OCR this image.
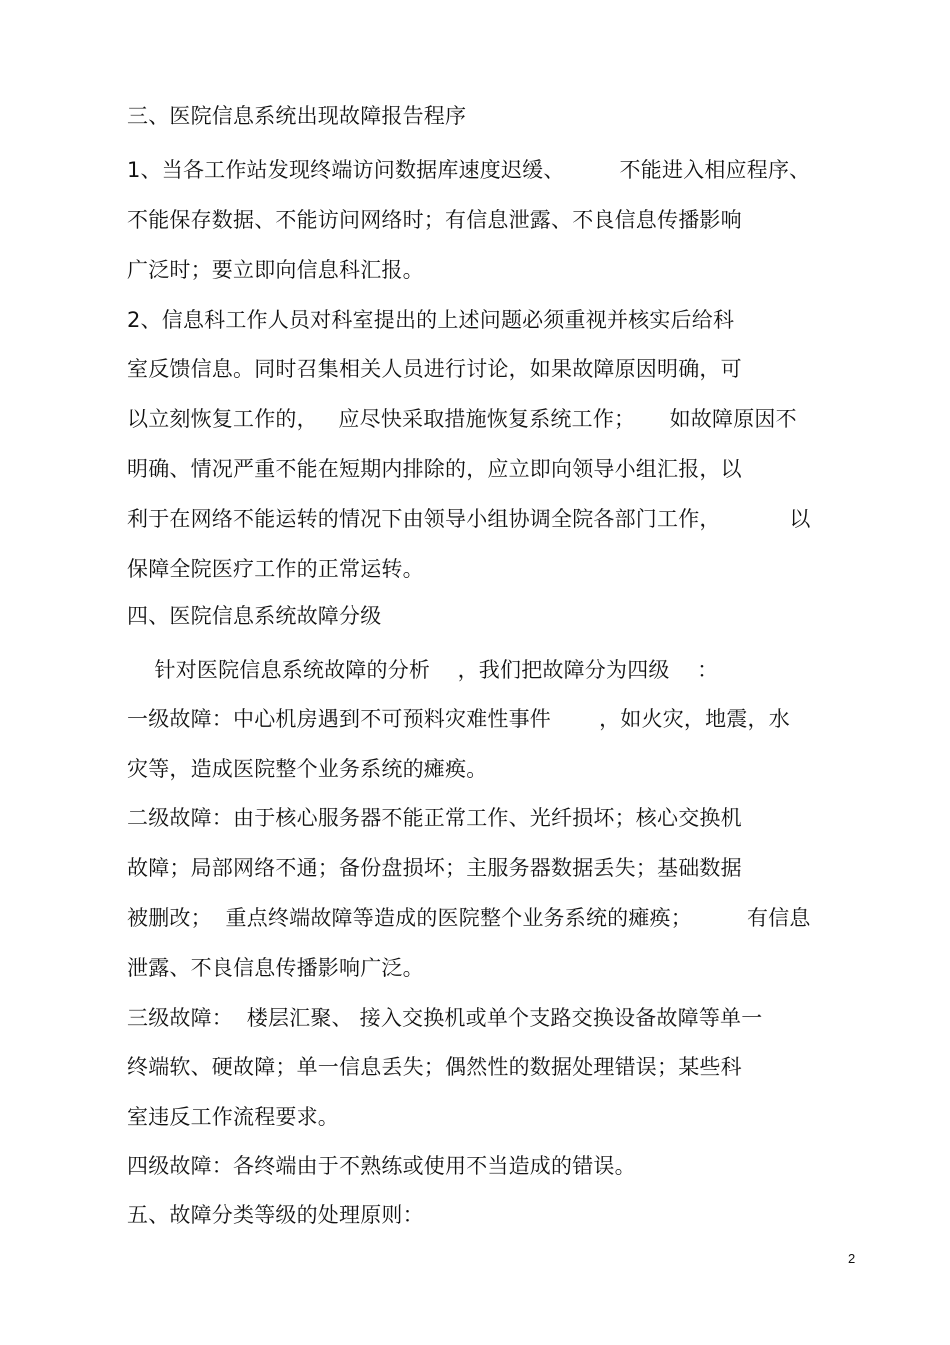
三、医院信息系统出现故障报告程序
1、当各工作站发现终端访问数据库速度迟缓、        不能进入相应程序、
不能保存数据、不能访问网络时；有信息泄露、不良信息传播影响
广泛时；要立即向信息科汇报。
2、信息科工作人员对科室提出的上述问题必须重视并核实后给科
室反馈信息。同时召集相关人员进行讨论，如果故障原因明确，可
以立刻恢复工作的，   应尽快采取措施恢复系统工作；     如故障原因不
明确、情况严重不能在短期内排除的，应立即向领导小组汇报，以
利于在网络不能运转的情况下由领导小组协调全院各部门工作，          以
保障全院医疗工作的正常运转。
四、医院信息系统故障分级
针对医院信息系统故障的分析    ，我们把故障分为四级    ：
一级故障：中心机房遇到不可预料灾难性事件       ，如火灾，地震，水
灾等，造成医院整个业务系统的瘫痪。
二级故障：由于核心服务器不能正常工作、光纤损坏；核心交换机
故障；局部网络不通；备份盘损坏；主服务器数据丢失；基础数据
被删改；  重点终端故障等造成的医院整个业务系统的瘫痪；        有信息
泄露、不良信息传播影响广泛。
三级故障：  楼层汇聚、 接入交换机或单个支路交换设备故障等单一
终端软、硬故障；单一信息丢失；偶然性的数据处理错误；某些科
室违反工作流程要求。
四级故障：各终端由于不熟练或使用不当造成的错误。
五、故障分类等级的处理原则：
2
